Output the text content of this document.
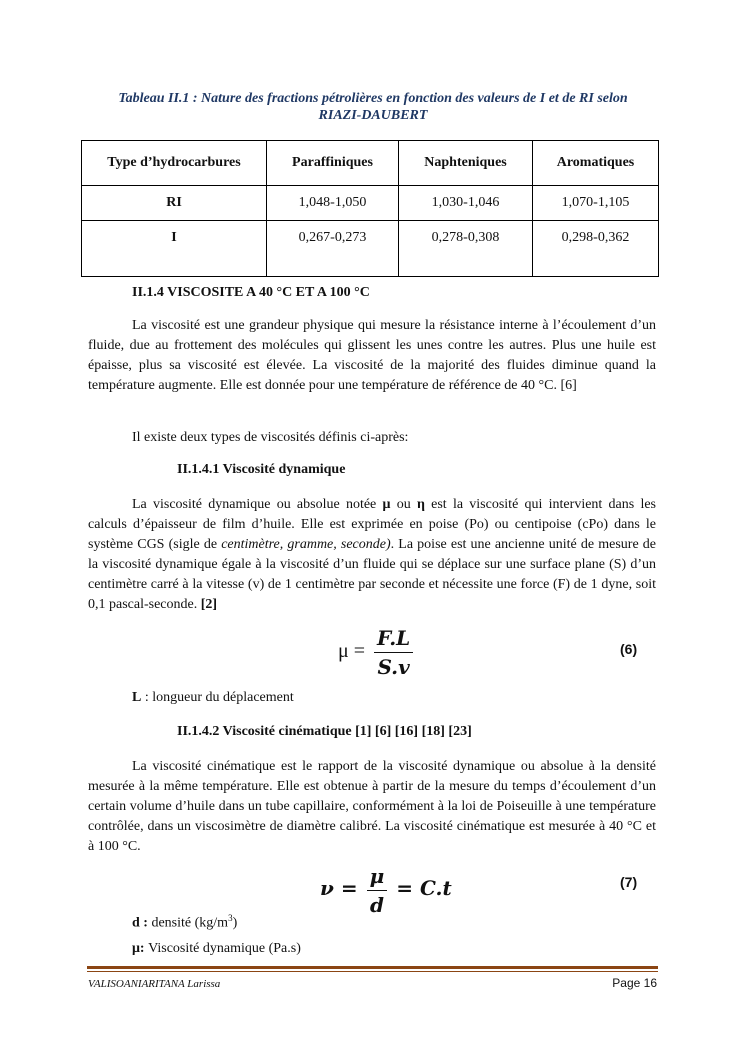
Tableau II.1 : Nature des fractions pétrolières en fonction des valeurs de I et de RI selon
RIAZI-DAUBERT
Type d’hydrocarbures	Paraffiniques	Naphteniques	Aromatiques
RI	1,048-1,050	1,030-1,046	1,070-1,105
I	0,267-0,273	0,278-0,308	0,298-0,362
II.1.4 VISCOSITE A 40 °C ET A 100 °C

La viscosité est une grandeur physique qui mesure la résistance interne à l’écoulement d’un fluide, due au frottement des molécules qui glissent les unes contre les autres. Plus une huile est épaisse, plus sa viscosité est élevée. La viscosité de la majorité des fluides diminue quand la température augmente. Elle est donnée pour une température de référence de 40 °C. [6]

Il existe deux types de viscosités définis ci-après:

II.1.4.1 Viscosité dynamique

La viscosité dynamique ou absolue notée μ ou η est la viscosité qui intervient dans les calculs d’épaisseur de film d’huile. Elle est exprimée en poise (Po) ou centipoise (cPo) dans le système CGS (sigle de centimètre, gramme, seconde). La poise est une ancienne unité de mesure de la viscosité dynamique égale à la viscosité d’un fluide qui se déplace sur une surface plane (S) d’un centimètre carré à la vitesse (v) de 1 centimètre par seconde et nécessite une force (F) de 1 dyne, soit 0,1 pascal-seconde. [2]

$\mu = \frac{F.L}{S.v}$	(6)
L : longueur du déplacement
II.1.4.2 Viscosité cinématique [1] [6] [16] [18] [23]

La viscosité cinématique est le rapport de la viscosité dynamique ou absolue à la densité mesurée à la même température. Elle est obtenue à partir de la mesure du temps d’écoulement d’un certain volume d’huile dans un tube capillaire, conformément à la loi de Poiseuille à une température contrôlée, dans un viscosimètre de diamètre calibré. La viscosité cinématique est mesurée à 40 °C et à 100 °C.

$\nu = \frac{\mu}{d} = C.t$	(7)
d : densité $(kg/m^3)$
μ: Viscosité dynamique (Pa.s)
VALISOANIARITANA Larissa	Page 16
